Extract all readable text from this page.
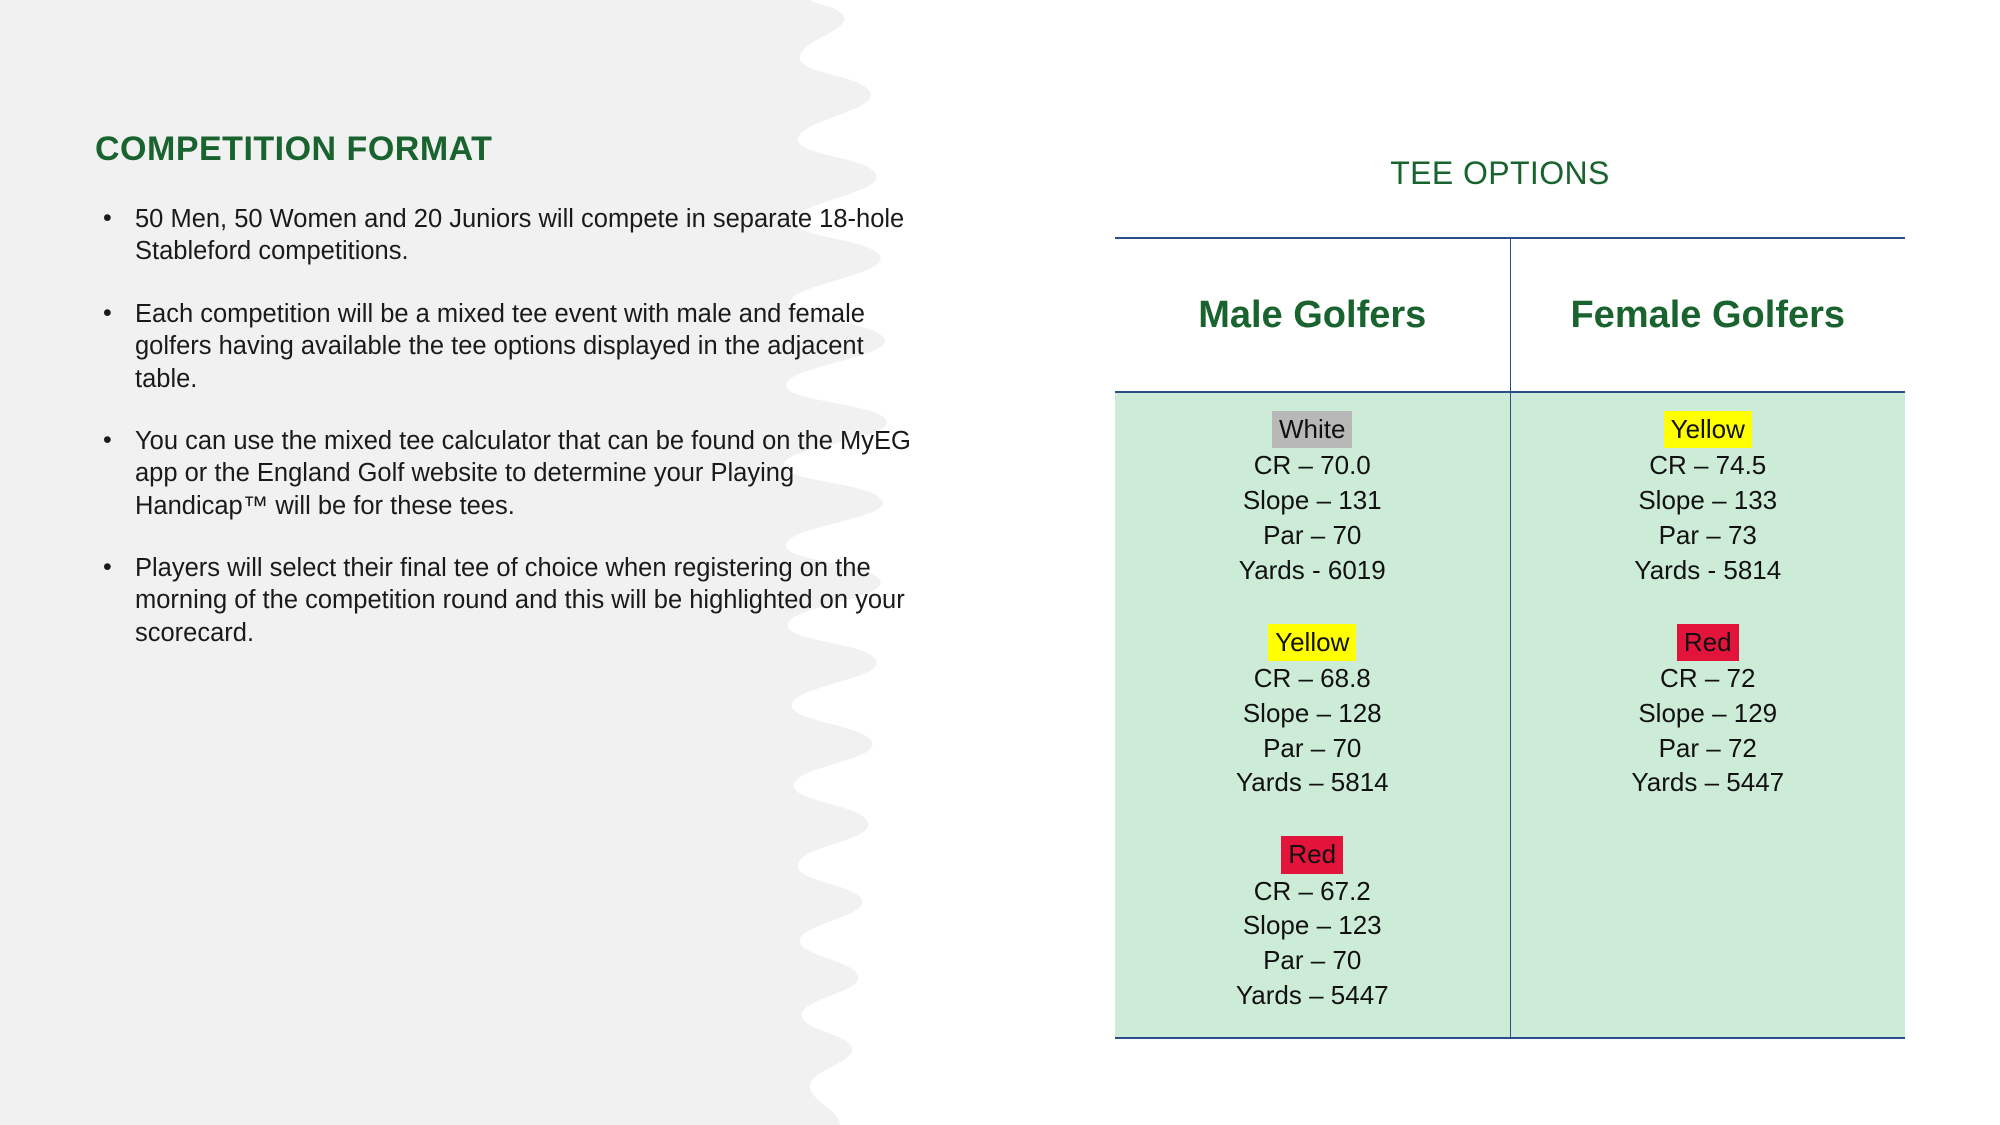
COMPETITION FORMAT
• 50 Men, 50 Women and 20 Juniors will compete in separate 18-hole Stableford competitions.
• Each competition will be a mixed tee event with male and female golfers having available the tee options displayed in the adjacent table.
• You can use the mixed tee calculator that can be found on the MyEG app or the England Golf website to determine your Playing Handicap™ will be for these tees.
• Players will select their final tee of choice when registering on the morning of the competition round and this will be highlighted on your scorecard.
TEE OPTIONS
Male Golfers	Female Golfers

White
CR – 70.0
Slope – 131
Par – 70
Yards - 6019
Yellow
CR – 68.8
Slope – 128
Par – 70
Yards – 5814
Red
CR – 67.2
Slope – 123
Par – 70
Yards – 5447

Yellow
CR – 74.5
Slope – 133
Par – 73
Yards - 5814
Red
CR – 72
Slope – 129
Par – 72
Yards – 5447
